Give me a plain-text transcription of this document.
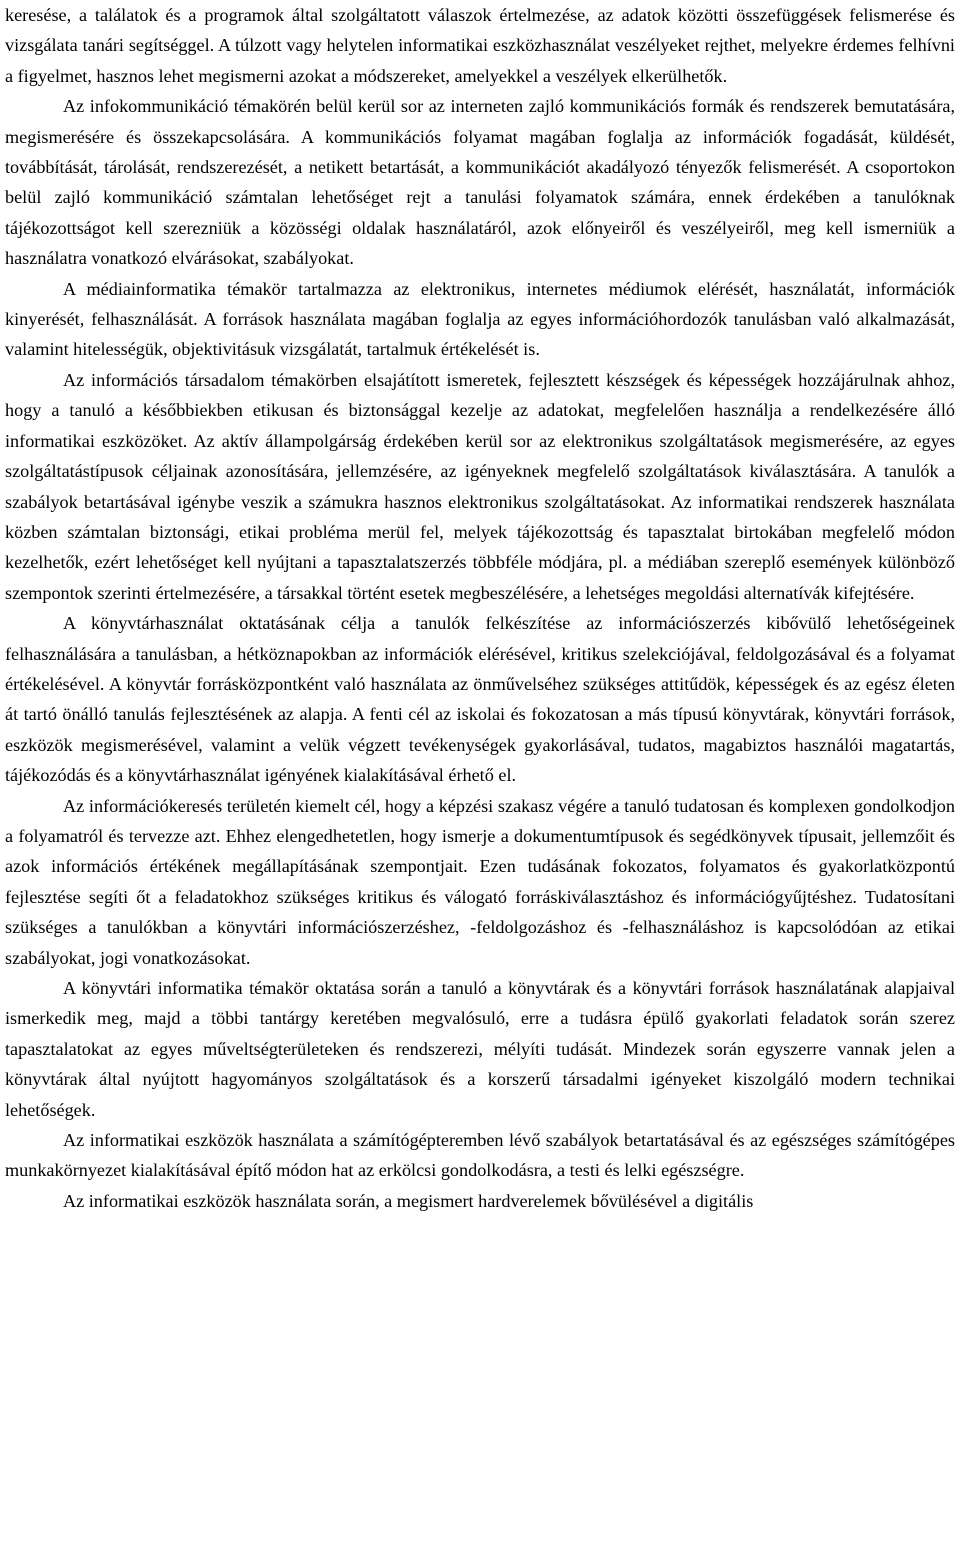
keresése, a találatok és a programok által szolgáltatott válaszok értelmezése, az adatok közötti összefüggések felismerése és vizsgálata tanári segítséggel. A túlzott vagy helytelen informatikai eszközhasználat veszélyeket rejthet, melyekre érdemes felhívni a figyelmet, hasznos lehet megismerni azokat a módszereket, amelyekkel a veszélyek elkerülhetők.

Az infokommunikáció témakörén belül kerül sor az interneten zajló kommunikációs formák és rendszerek bemutatására, megismerésére és összekapcsolására. A kommunikációs folyamat magában foglalja az információk fogadását, küldését, továbbítását, tárolását, rendszerezését, a netikett betartását, a kommunikációt akadályozó tényezők felismerését. A csoportokon belül zajló kommunikáció számtalan lehetőséget rejt a tanulási folyamatok számára, ennek érdekében a tanulóknak tájékozottságot kell szerezniük a közösségi oldalak használatáról, azok előnyeiről és veszélyeiről, meg kell ismerniük a használatra vonatkozó elvárásokat, szabályokat.

A médiainformatika témakör tartalmazza az elektronikus, internetes médiumok elérését, használatát, információk kinyerését, felhasználását. A források használata magában foglalja az egyes információhordozók tanulásban való alkalmazását, valamint hitelességük, objektivitásuk vizsgálatát, tartalmuk értékelését is.

Az információs társadalom témakörben elsajátított ismeretek, fejlesztett készségek és képességek hozzájárulnak ahhoz, hogy a tanuló a későbbiekben etikusan és biztonsággal kezelje az adatokat, megfelelően használja a rendelkezésére álló informatikai eszközöket. Az aktív állampolgárság érdekében kerül sor az elektronikus szolgáltatások megismerésére, az egyes szolgáltatástípusok céljainak azonosítására, jellemzésére, az igényeknek megfelelő szolgáltatások kiválasztására. A tanulók a szabályok betartásával igénybe veszik a számukra hasznos elektronikus szolgáltatásokat. Az informatikai rendszerek használata közben számtalan biztonsági, etikai probléma merül fel, melyek tájékozottság és tapasztalat birtokában megfelelő módon kezelhetők, ezért lehetőséget kell nyújtani a tapasztalatszerzés többféle módjára, pl. a médiában szereplő események különböző szempontok szerinti értelmezésére, a társakkal történt esetek megbeszélésére, a lehetséges megoldási alternatívák kifejtésére.

A könyvtárhasználat oktatásának célja a tanulók felkészítése az információszerzés kibővülő lehetőségeinek felhasználására a tanulásban, a hétköznapokban az információk elérésével, kritikus szelekciójával, feldolgozásával és a folyamat értékelésével. A könyvtár forrásközpontként való használata az önművelséhez szükséges attitűdök, képességek és az egész életen át tartó önálló tanulás fejlesztésének az alapja. A fenti cél az iskolai és fokozatosan a más típusú könyvtárak, könyvtári források, eszközök megismerésével, valamint a velük végzett tevékenységek gyakorlásával, tudatos, magabiztos használói magatartás, tájékozódás és a könyvtárhasználat igényének kialakításával érhető el.

Az információkeresés területén kiemelt cél, hogy a képzési szakasz végére a tanuló tudatosan és komplexen gondolkodjon a folyamatról és tervezze azt. Ehhez elengedhetetlen, hogy ismerje a dokumentumtípusok és segédkönyvek típusait, jellemzőit és azok információs értékének megállapításának szempontjait. Ezen tudásának fokozatos, folyamatos és gyakorlatközpontú fejlesztése segíti őt a feladatokhoz szükséges kritikus és válogató forráskiválasztáshoz és információgyűjtéshez. Tudatosítani szükséges a tanulókban a könyvtári információszerzéshez, -feldolgozáshoz és -felhasználáshoz is kapcsolódóan az etikai szabályokat, jogi vonatkozásokat.

A könyvtári informatika témakör oktatása során a tanuló a könyvtárak és a könyvtári források használatának alapjaival ismerkedik meg, majd a többi tantárgy keretében megvalósuló, erre a tudásra épülő gyakorlati feladatok során szerez tapasztalatokat az egyes műveltségterületeken és rendszerezi, mélyíti tudását. Mindezek során egyszerre vannak jelen a könyvtárak által nyújtott hagyományos szolgáltatások és a korszerű társadalmi igényeket kiszolgáló modern technikai lehetőségek.

Az informatikai eszközök használata a számítógépteremben lévő szabályok betartatásával és az egészséges számítógépes munkakörnyezet kialakításával építő módon hat az erkölcsi gondolkodásra, a testi és lelki egészségre.

Az informatikai eszközök használata során, a megismert hardverelemek bővülésével a digitális
